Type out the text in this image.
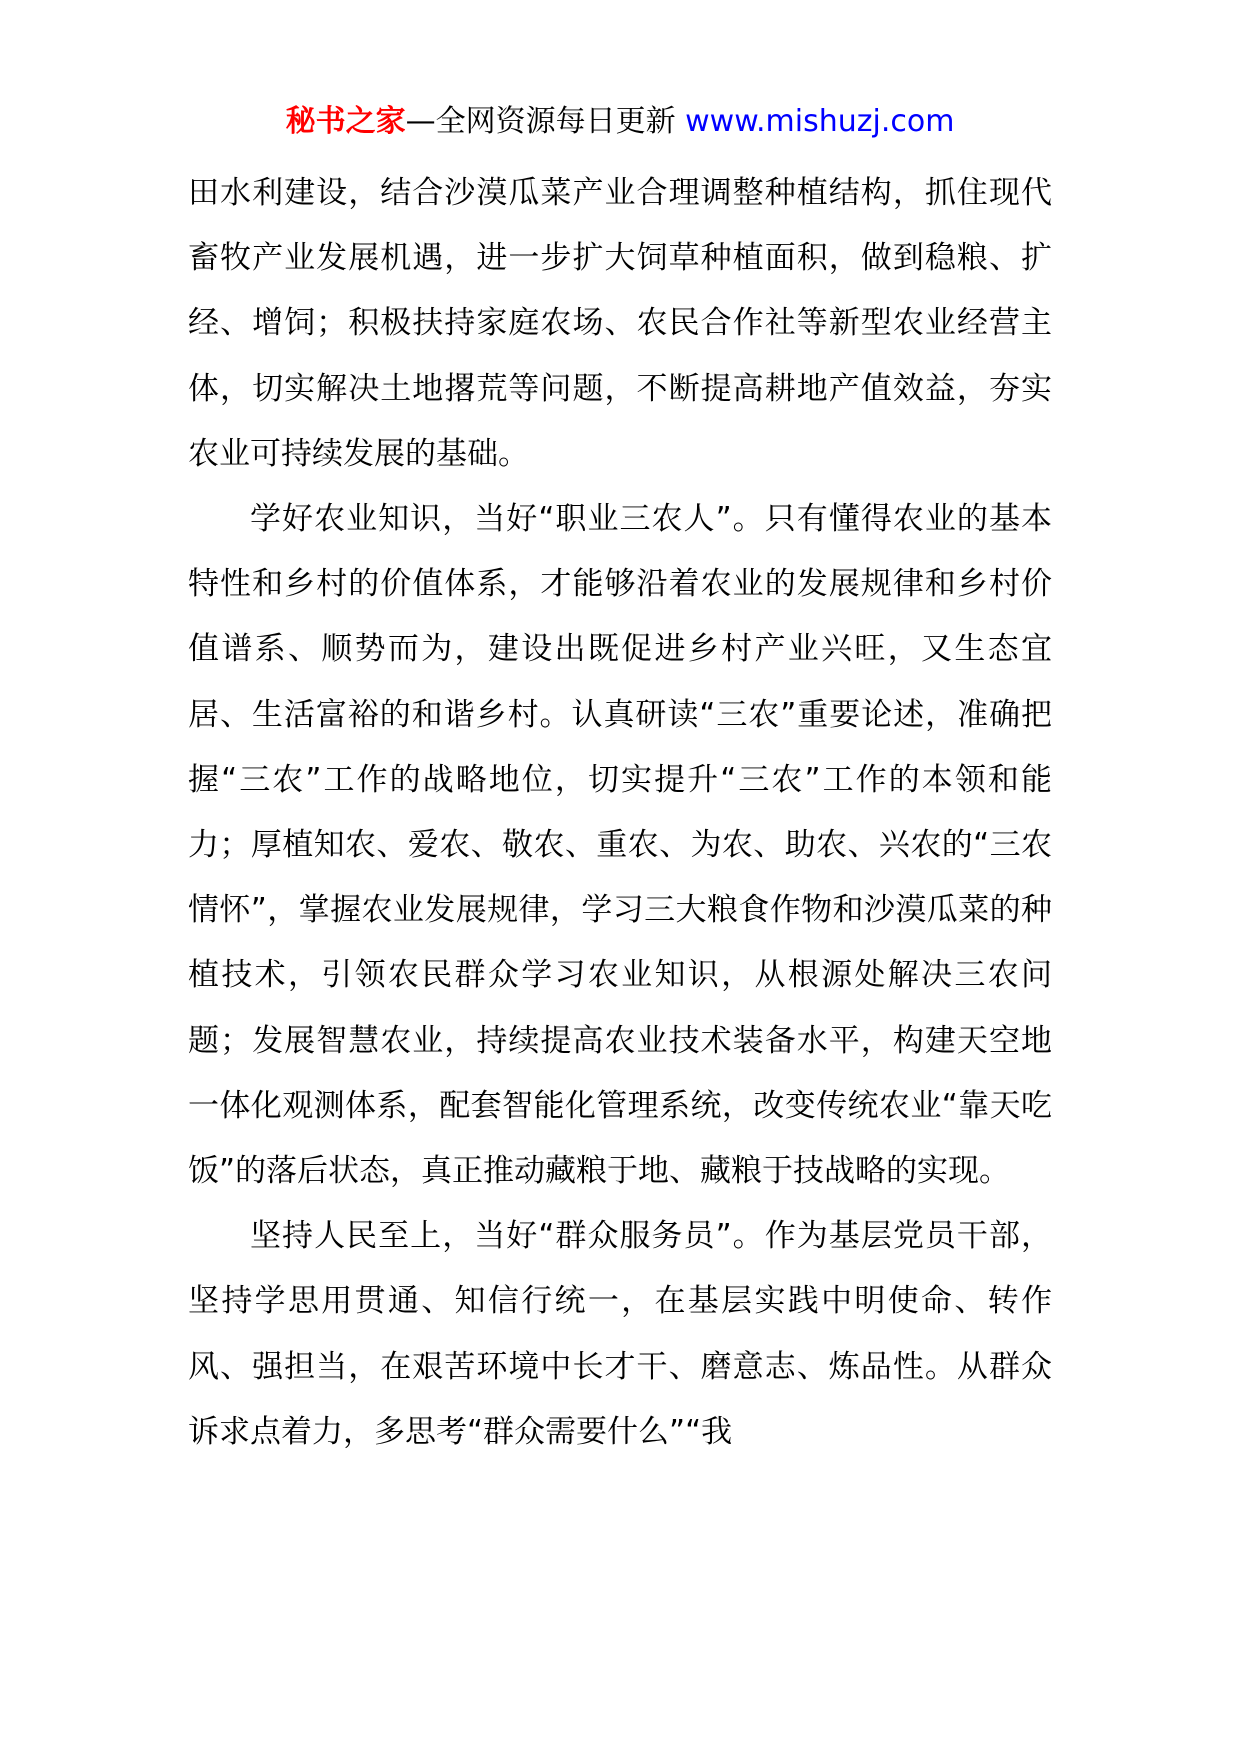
秘书之家—全网资源每日更新 www.mishuzj.com

田水利建设，结合沙漠瓜菜产业合理调整种植结构，抓住现代畜牧产业发展机遇，进一步扩大饲草种植面积，做到稳粮、扩经、增饲；积极扶持家庭农场、农民合作社等新型农业经营主体，切实解决土地撂荒等问题，不断提高耕地产值效益，夯实农业可持续发展的基础。

学好农业知识，当好“职业三农人”。只有懂得农业的基本特性和乡村的价值体系，才能够沿着农业的发展规律和乡村价值谱系、顺势而为，建设出既促进乡村产业兴旺，又生态宜居、生活富裕的和谐乡村。认真研读“三农”重要论述，准确把握“三农”工作的战略地位，切实提升“三农”工作的本领和能力；厚植知农、爱农、敬农、重农、为农、助农、兴农的“三农情怀”，掌握农业发展规律，学习三大粮食作物和沙漠瓜菜的种植技术，引领农民群众学习农业知识，从根源处解决三农问题；发展智慧农业，持续提高农业技术装备水平，构建天空地一体化观测体系，配套智能化管理系统，改变传统农业“靠天吃饭”的落后状态，真正推动藏粮于地、藏粮于技战略的实现。

坚持人民至上，当好“群众服务员”。作为基层党员干部，坚持学思用贯通、知信行统一，在基层实践中明使命、转作风、强担当，在艰苦环境中长才干、磨意志、炼品性。从群众诉求点着力，多思考“群众需要什么”“我
